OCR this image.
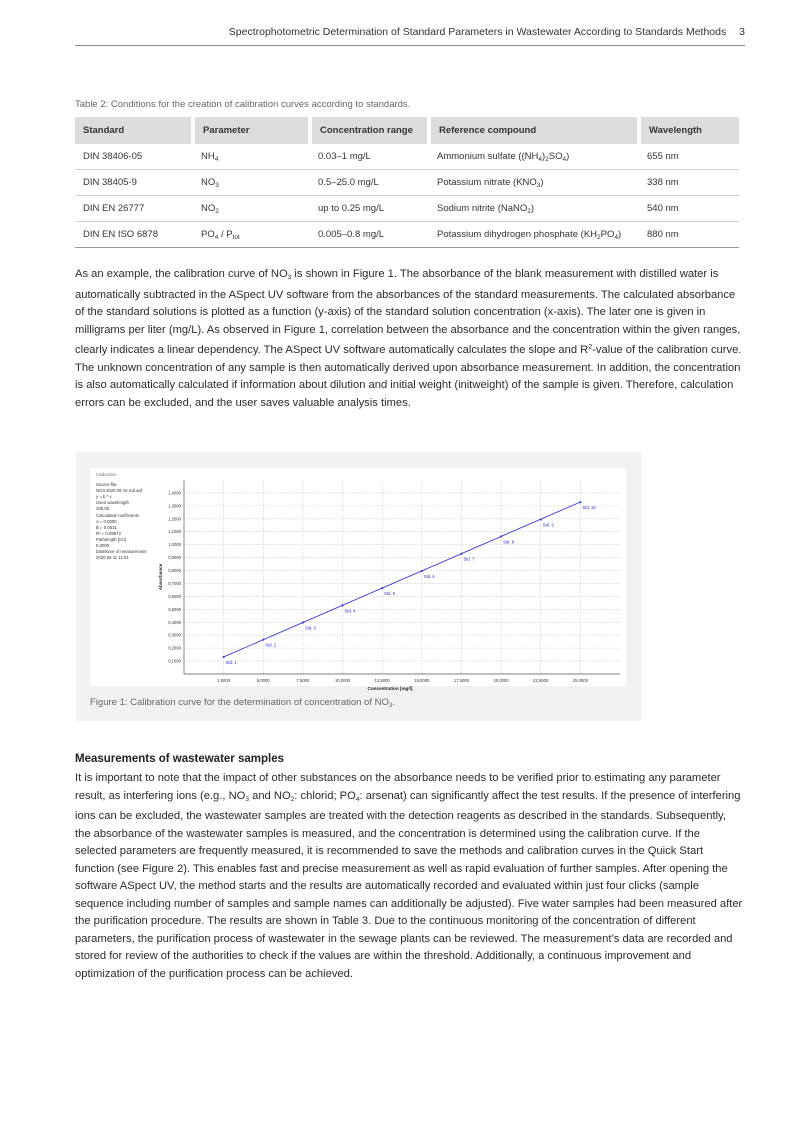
Spectrophotometric Determination of Standard Parameters in Wastewater According to Standards Methods 3
Table 2: Conditions for the creation of calibration curves according to standards.
Standard	Parameter	Concentration range	Reference compound	Wavelength
DIN 38406-05	$NH_4$	0.03–1 mg/L	Ammonium sulfate $((NH_4)_2SO_4)$	655 nm
DIN 38405-9	$NO_3$	0.5–25.0 mg/L	Potassium nitrate $(KNO_3)$	338 nm
DIN EN 26777	$NO_2$	up to 0.25 mg/L	Sodium nitrite (NaNO$_2$)	540 nm
DIN EN ISO 6878	$PO_4 / P_{tot}$	0.005–0.8 mg/L	Potassium dihydrogen phosphate $(KH_2PO_4)$	880 nm
As an example, the calibration curve of $NO_3$ is shown in Figure 1. The absorbance of the blank measurement with distilled water is automatically subtracted in the ASpect UV software from the absorbances of the standard measurements. The calculated absorbance of the standard solutions is plotted as a function (y-axis) of the standard solution concentration (x-axis). The later one is given in milligrams per liter (mg/L). As observed in Figure 1, correlation between the absorbance and the concentration within the given ranges, clearly indicates a linear dependency. The ASpect UV software automatically calculates the slope and $R^2$-value of the calibration curve. The unknown concentration of any sample is then automatically derived upon absorbance measurement. In addition, the concentration is also automatically calculated if information about dilution and initial weight (initweight) of the sample is given. Therefore, calculation errors can be excluded, and the user saves valuable analysis times.
Calibration
Source file:
NO3 2020 09 15 Kal.auf
y = b * x
Used wavelength
338,00
Calculated coefficients
A = 0,0000
B = 0,0531
R² = 0,99972
Pathlength [cm]
5,0000
Date/time of measurement
2020 06 11 11:01
0,1000
0,2000
0,3000
0,4000
0,5000
0,6000
0,7000
0,8000
0,9000
1,0000
1,1000
1,2000
1,3000
1,4000
2,5000	5,0000	7,5000	10,0000	12,5000	15,0000	17,5000	20,0000	22,5000	25,0000
Concentration [mg/l]
Absorbance
Std. 1
Std. 2
Std. 3
Std. 4
Std. 5
Std. 6
Std. 7
Std. 8
Std. 9
Std. 10
Figure 1: Calibration curve for the determination of concentration of $NO_3$.
Measurements of wastewater samples
It is important to note that the impact of other substances on the absorbance needs to be verified prior to estimating any parameter result, as interfering ions (e.g., $NO_3$ and $NO_2$: chlorid; $PO_4$: arsenat) can significantly affect the test results. If the presence of interfering ions can be excluded, the wastewater samples are treated with the detection reagents as described in the standards. Subsequently, the absorbance of the wastewater samples is measured, and the concentration is determined using the calibration curve. If the selected parameters are frequently measured, it is recommended to save the methods and calibration curves in the Quick Start function (see Figure 2). This enables fast and precise measurement as well as rapid evaluation of further samples. After opening the software ASpect UV, the method starts and the results are automatically recorded and evaluated within just four clicks (sample sequence including number of samples and sample names can additionally be adjusted). Five water samples had been measured after the purification procedure. The results are shown in Table 3. Due to the continuous monitoring of the concentration of different parameters, the purification process of wastewater in the sewage plants can be reviewed. The measurement’s data are recorded and stored for review of the authorities to check if the values are within the threshold. Additionally, a continuous improvement and optimization of the purification process can be achieved.
